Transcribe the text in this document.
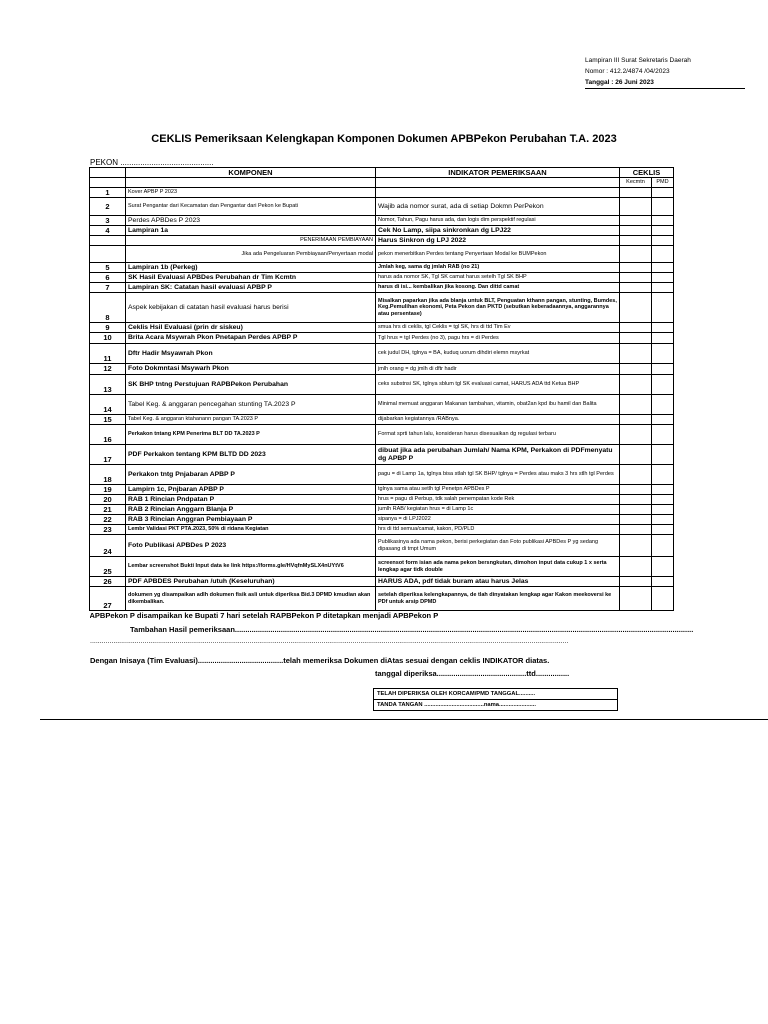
Lampiran III Surat Sekretaris Daerah
Nomor : 412.2/4874 /04/2023
Tanggal : 26 Juni 2023
CEKLIS Pemeriksaan Kelengkapan Komponen Dokumen APBPekon Perubahan T.A. 2023
PEKON ..........................................
	KOMPONEN	INDIKATOR PEMERIKSAAN	CEKLIS	
			Kecmtn	PMD
1	Kover APBP P 2023			
2	Surat Pengantar dari Kecamatan dan Pengantar dari Pekon ke Bupati	Wajib ada nomor surat, ada di setiap Dokmn PerPekon		
3	Perdes APBDes P 2023	Nomor, Tahun, Pagu harus ada, dan logis dim perspektif regulasi		
4	Lampiran 1a	Cek No Lamp, siipa sinkronkan dg LPJ22		
	PENERIMAAN PEMBIAYAAN	Harus Sinkron dg LPJ 2022		
	Jika ada Pengeluaran Pembiayaan/Penyertaan modal	pekon menerbitkan Perdes tentang Penyertaan Modal ke BUMPekon		
5	Lampiran 1b (Perkeg)	Jmlah keg, sama dg jmlah RAB (no 21)		
6	SK Hasil Evaluasi APBDes Perubahan dr Tim Kcmtn	harus ada nomor SK, Tgl SK camat harus setelh Tgl SK BHP		
7	Lampiran SK: Catatan hasil evaluasi APBP P	harus di isi... kembalikan jika kosong. Dan dittd camat		
8	Aspek kebijakan di catatan hasil evaluasi harus berisi	Misalkan paparkan jika ada blanja untuk BLT, Penguatan kthann pangan, stunting, Bumdes, Keg.Pemulihan ekonomi, Peta Pekon dan PKTD (sebutkan keberadaannya, anggarannya atau persentase)		
9	Ceklis Hsil Evaluasi (prin dr siskeu)	smua hrs di ceklis, tgl Ceklis = tgl SK, hrs di ttd Tim Ev		
10	Brita Acara Msywrah Pkon Pnetapan Perdes APBP P	Tgl hrus = tgl Perdes (no 3), pagu hrs = di Perdes		
11	Dftr Hadir Msyawrah Pkon	cek judul DH, tglnya = BA, kuduq uorum dihdiri elemn msyrkat		
12	Foto Dokmntasi Msywarh Pkon	jmlh orang = dg jmlh di dftr hadir		
13	SK BHP tntng Perstujuan RAPBPekon Perubahan	ceks substnsi SK, tglnya sblum tgl SK evaluasi camat, HARUS ADA ttd Ketua BHP		
14	Tabel Keg. & anggaran pencegahan stunting TA.2023 P	Minimal memuat anggaran Makanan tambahan, vitamin, obat2an kpd ibu hamil dan Balita		
15	Tabel Keg. & anggaran ktahanann pangan TA.2023 P	dijabarkan kegiatannya /RABnya.		
16	Perkakon tntang KPM Penerima BLT DD TA.2023 P	Format sprti tahun lalu, konsideran harus disesuaikan dg regulasi terbaru		
17	PDF Perkakon tentang KPM BLTD DD 2023	dibuat jika ada perubahan Jumlah/ Nama KPM, Perkakon di PDFmenyatu dg APBP P		
18	Perkakon tntg Pnjabaran APBP P	pagu = di Lamp 1a, tglnya bisa stlah tgl SK BHP/ tglnya = Perdes atau maks 3 hrs stlh tgl Perdes		
19	Lampirn 1c, Pnjbaran APBP P	tglnya sama atau setlh tgl Penetpn APBDes P		
20	RAB 1 Rincian Pndpatan P	hrus = pagu di Perbup, tdk salah penempatan kode Rek		
21	RAB 2 Rincian Anggarn Blanja P	jumlh RAB/ kegiatan hrus = di Lamp 1c		
22	RAB 3 Rincian Anggran Pembiayaan P	sipanya = di LPJ2022		
23	Lembr Validasi PKT PTA.2023, 50% di ridana Kegiatan	hrs di ttd semua/camat, kakon, PD/PLD		
24	Foto Publikasi APBDes P 2023	Publikasinya ada nama pekon, berisi perkegiatan dan Foto publikasi APBDes P yg sedang dipasang di tmpt Umum		
25	Lembar screenshot Bukti Input data ke link https://forms.gle/HVqfnMySLX4nUYtV6	screensot form isian ada nama pekon bersngkutan, dimohon input data cukup 1 x serta lengkap agar tidk double		
26	PDF APBDES Perubahan /utuh (Keseluruhan)	HARUS ADA, pdf tidak buram atau harus Jelas		
27	dokumen yg disampaikan adlh dokumen fisik asli untuk diperiksa Bid.3 DPMD kmudian akan dikembalikan.	setelah diperiksa kelengkapannya, de tlah dinyatakan lengkap agar Kakon meekoversi ke PDf untuk arsip DPMD		
APBPekon P disampaikan ke Bupati 7 hari setelah RAPBPekon P ditetapkan menjadi APBPekon P				
Tambahan Hasil pemeriksaan............................................................................................................................................................................................................................
......................................................................................................................................................................................................................................................
Dengan Inisaya (Tim Evaluasi).........................................telah memeriksa Dokumen diAtas sesuai dengan ceklis INDIKATOR diatas.
tanggal diperiksa...........................................ttd................
TELAH DIPERIKSA OLEH KORCAM/PMD TANGGAL..........
TANDA TANGAN .....................................nama.......................
